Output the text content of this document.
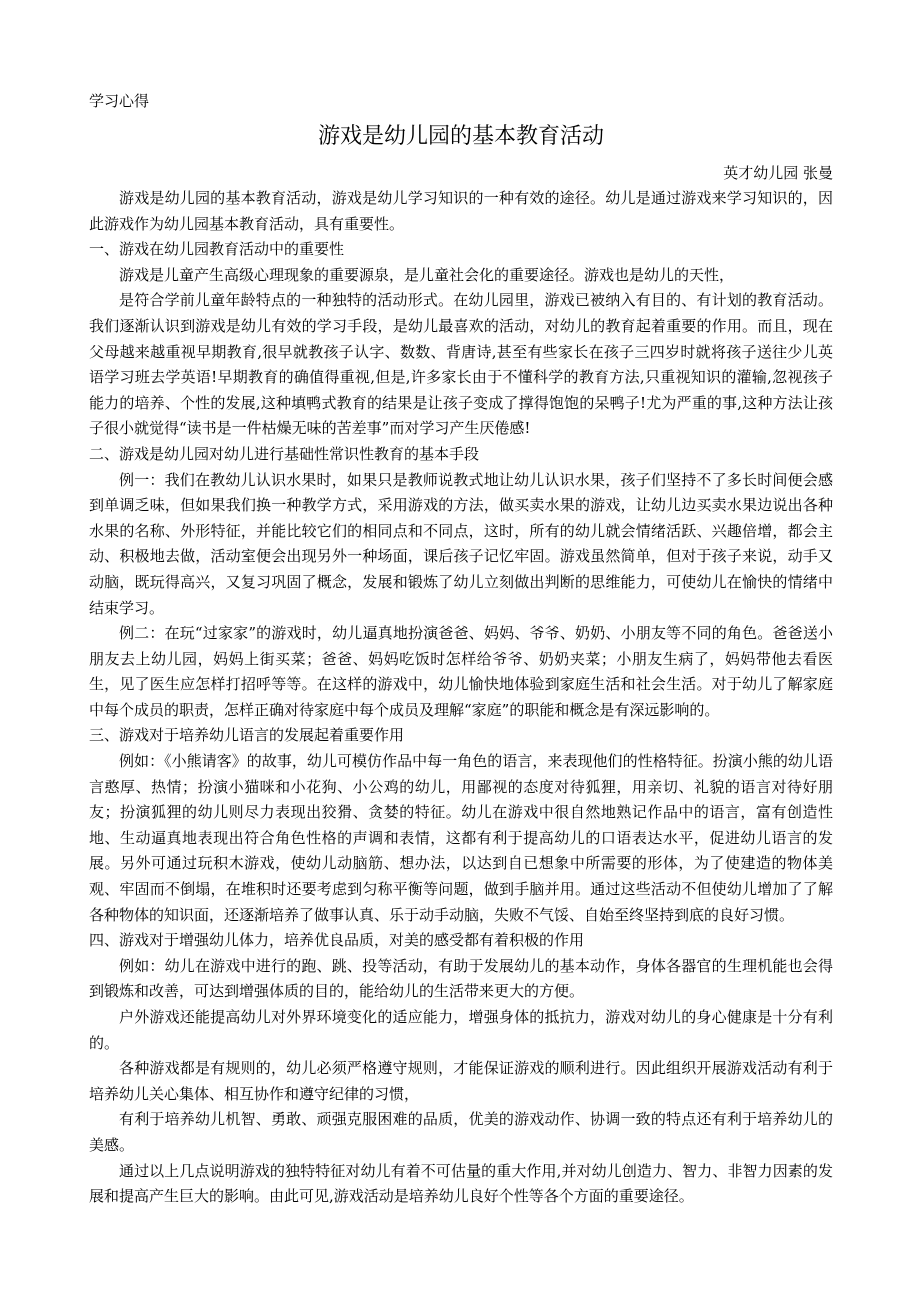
学习心得
游戏是幼儿园的基本教育活动
英才幼儿园 张曼

游戏是幼儿园的基本教育活动，游戏是幼儿学习知识的一种有效的途径。幼儿是通过游戏来学习知识的，因此游戏作为幼儿园基本教育活动，具有重要性。

一、游戏在幼儿园教育活动中的重要性

游戏是儿童产生高级心理现象的重要源泉，是儿童社会化的重要途径。游戏也是幼儿的天性，

是符合学前儿童年龄特点的一种独特的活动形式。在幼儿园里，游戏已被纳入有目的、有计划的教育活动。我们逐渐认识到游戏是幼儿有效的学习手段，是幼儿最喜欢的活动，对幼儿的教育起着重要的作用。而且，现在父母越来越重视早期教育,很早就教孩子认字、数数、背唐诗,甚至有些家长在孩子三四岁时就将孩子送往少儿英语学习班去学英语!早期教育的确值得重视,但是,许多家长由于不懂科学的教育方法,只重视知识的灌输,忽视孩子能力的培养、个性的发展,这种填鸭式教育的结果是让孩子变成了撑得饱饱的呆鸭子!尤为严重的事,这种方法让孩子很小就觉得“读书是一件枯燥无味的苦差事”而对学习产生厌倦感!

二、游戏是幼儿园对幼儿进行基础性常识性教育的基本手段

例一：我们在教幼儿认识水果时，如果只是教师说教式地让幼儿认识水果，孩子们坚持不了多长时间便会感到单调乏味，但如果我们换一种教学方式，采用游戏的方法，做买卖水果的游戏，让幼儿边买卖水果边说出各种水果的名称、外形特征，并能比较它们的相同点和不同点，这时，所有的幼儿就会情绪活跃、兴趣倍增，都会主动、积极地去做，活动室便会出现另外一种场面，课后孩子记忆牢固。游戏虽然简单，但对于孩子来说，动手又动脑，既玩得高兴，又复习巩固了概念，发展和锻炼了幼儿立刻做出判断的思维能力，可使幼儿在愉快的情绪中结束学习。

例二：在玩“过家家”的游戏时，幼儿逼真地扮演爸爸、妈妈、爷爷、奶奶、小朋友等不同的角色。爸爸送小朋友去上幼儿园，妈妈上街买菜；爸爸、妈妈吃饭时怎样给爷爷、奶奶夹菜；小朋友生病了，妈妈带他去看医生，见了医生应怎样打招呼等等。在这样的游戏中，幼儿愉快地体验到家庭生活和社会生活。对于幼儿了解家庭中每个成员的职责，怎样正确对待家庭中每个成员及理解“家庭”的职能和概念是有深远影响的。

三、游戏对于培养幼儿语言的发展起着重要作用

例如：《小熊请客》的故事，幼儿可模仿作品中每一角色的语言，来表现他们的性格特征。扮演小熊的幼儿语言憨厚、热情；扮演小猫咪和小花狗、小公鸡的幼儿，用鄙视的态度对待狐狸，用亲切、礼貌的语言对待好朋友；扮演狐狸的幼儿则尽力表现出狡猾、贪婪的特征。幼儿在游戏中很自然地熟记作品中的语言，富有创造性地、生动逼真地表现出符合角色性格的声调和表情，这都有利于提高幼儿的口语表达水平，促进幼儿语言的发展。另外可通过玩积木游戏，使幼儿动脑筋、想办法，以达到自已想象中所需要的形体，为了使建造的物体美观、牢固而不倒塌，在堆积时还要考虑到匀称平衡等问题，做到手脑并用。通过这些活动不但使幼儿增加了了解各种物体的知识面，还逐渐培养了做事认真、乐于动手动脑，失败不气馁、自始至终坚持到底的良好习惯。

四、游戏对于增强幼儿体力，培养优良品质，对美的感受都有着积极的作用

例如：幼儿在游戏中进行的跑、跳、投等活动，有助于发展幼儿的基本动作，身体各器官的生理机能也会得到锻炼和改善，可达到增强体质的目的，能给幼儿的生活带来更大的方便。

户外游戏还能提高幼儿对外界环境变化的适应能力，增强身体的抵抗力，游戏对幼儿的身心健康是十分有利的。

各种游戏都是有规则的，幼儿必须严格遵守规则，才能保证游戏的顺利进行。因此组织开展游戏活动有利于培养幼儿关心集体、相互协作和遵守纪律的习惯，

有利于培养幼儿机智、勇敢、顽强克服困难的品质，优美的游戏动作、协调一致的特点还有利于培养幼儿的美感。

通过以上几点说明游戏的独特特征对幼儿有着不可估量的重大作用,并对幼儿创造力、智力、非智力因素的发展和提高产生巨大的影响。由此可见,游戏活动是培养幼儿良好个性等各个方面的重要途径。
